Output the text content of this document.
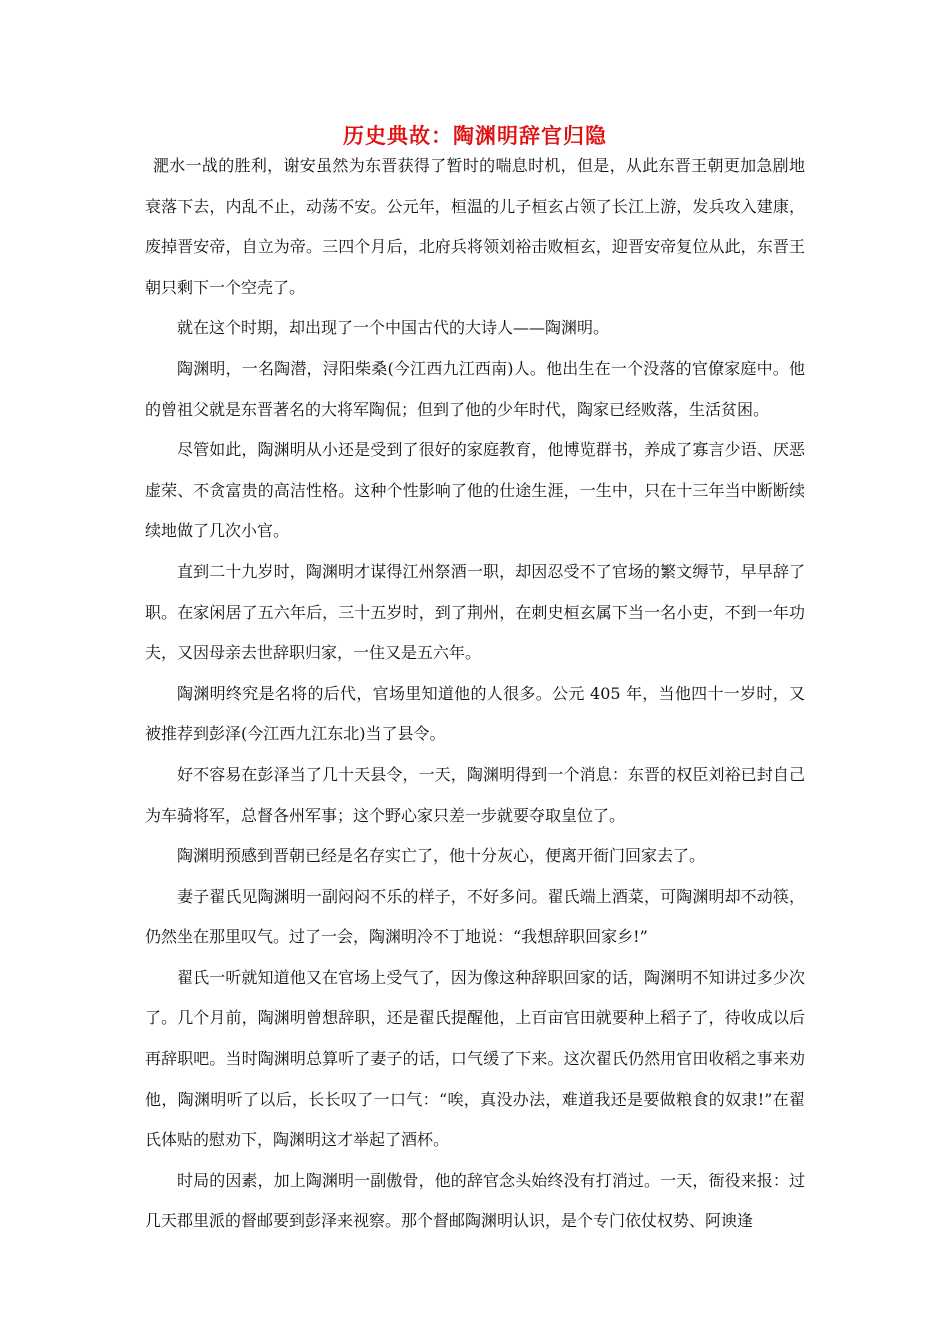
历史典故：陶渊明辞官归隐

淝水一战的胜利，谢安虽然为东晋获得了暂时的喘息时机，但是，从此东晋王朝更加急剧地衰落下去，内乱不止，动荡不安。公元年，桓温的儿子桓玄占领了长江上游，发兵攻入建康，废掉晋安帝，自立为帝。三四个月后，北府兵将领刘裕击败桓玄，迎晋安帝复位从此，东晋王朝只剩下一个空壳了。

就在这个时期，却出现了一个中国古代的大诗人——陶渊明。

陶渊明，一名陶潜，浔阳柴桑(今江西九江西南)人。他出生在一个没落的官僚家庭中。他的曾祖父就是东晋著名的大将军陶侃；但到了他的少年时代，陶家已经败落，生活贫困。

尽管如此，陶渊明从小还是受到了很好的家庭教育，他博览群书，养成了寡言少语、厌恶虚荣、不贪富贵的高洁性格。这种个性影响了他的仕途生涯，一生中，只在十三年当中断断续续地做了几次小官。

直到二十九岁时，陶渊明才谋得江州祭酒一职，却因忍受不了官场的繁文缛节，早早辞了职。在家闲居了五六年后，三十五岁时，到了荆州，在刺史桓玄属下当一名小吏，不到一年功夫，又因母亲去世辞职归家，一住又是五六年。

陶渊明终究是名将的后代，官场里知道他的人很多。公元 405 年，当他四十一岁时，又被推荐到彭泽(今江西九江东北)当了县令。

好不容易在彭泽当了几十天县令，一天，陶渊明得到一个消息：东晋的权臣刘裕已封自己为车骑将军，总督各州军事；这个野心家只差一步就要夺取皇位了。

陶渊明预感到晋朝已经是名存实亡了，他十分灰心，便离开衙门回家去了。

妻子翟氏见陶渊明一副闷闷不乐的样子，不好多问。翟氏端上酒菜，可陶渊明却不动筷，仍然坐在那里叹气。过了一会，陶渊明冷不丁地说：“我想辞职回家乡!”

翟氏一听就知道他又在官场上受气了，因为像这种辞职回家的话，陶渊明不知讲过多少次了。几个月前，陶渊明曾想辞职，还是翟氏提醒他，上百亩官田就要种上稻子了，待收成以后再辞职吧。当时陶渊明总算听了妻子的话，口气缓了下来。这次翟氏仍然用官田收稻之事来劝他，陶渊明听了以后，长长叹了一口气：“唉，真没办法，难道我还是要做粮食的奴隶!”在翟氏体贴的慰劝下，陶渊明这才举起了酒杯。

时局的因素，加上陶渊明一副傲骨，他的辞官念头始终没有打消过。一天，衙役来报：过几天郡里派的督邮要到彭泽来视察。那个督邮陶渊明认识，是个专门依仗权势、阿谀逢
